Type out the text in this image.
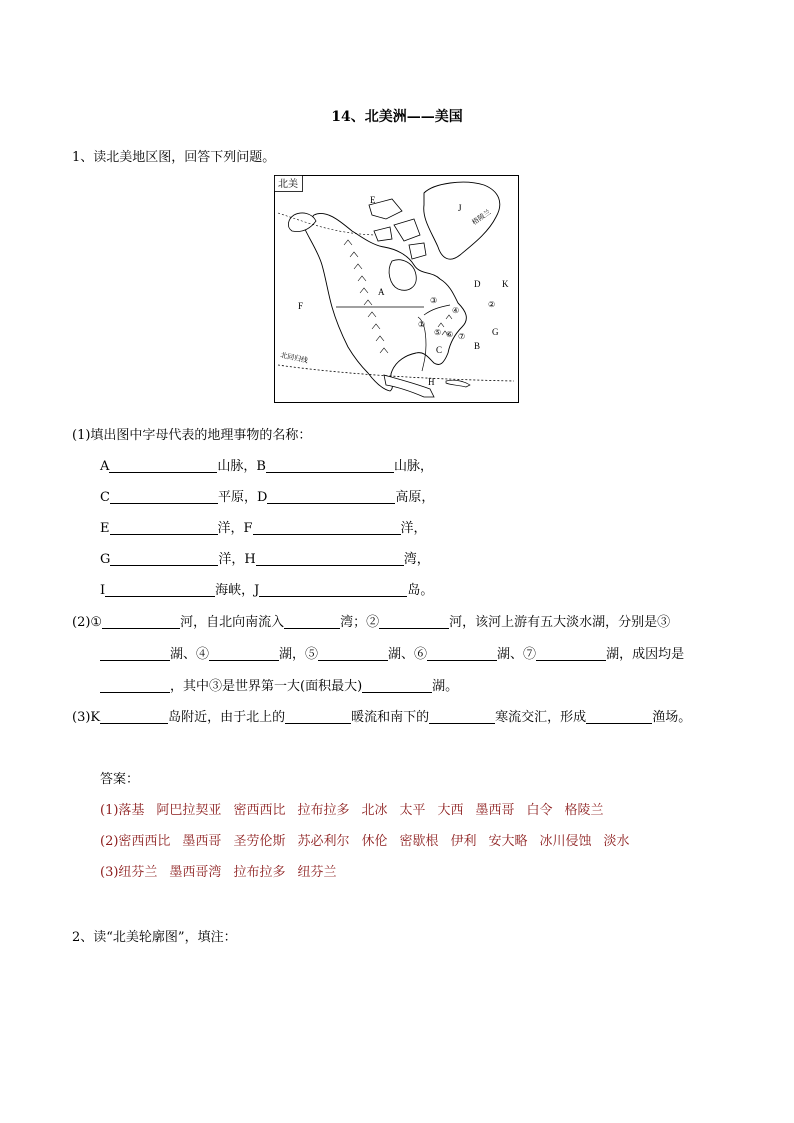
14、北美洲——美国
1、读北美地区图，回答下列问题。
北美
格陵兰
北回归线
E
J
A
D K
F
G
B
C
H
③
④
②
①
⑤ ⑥ ⑦
(1)填出图中字母代表的地理事物的名称：
A	山脉，B	山脉，
C	平原，D	高原，
E	洋，F	洋，
G	洋，H	湾，
I	海峡，J	岛。
(2)①	河，自北向南流入	湾；②	河，该河上游有五大淡水湖，分别是③
湖、④	湖，⑤	湖、⑥	湖、⑦	湖，成因均是
，其中③是世界第一大(面积最大)	湖。
(3)K	岛附近，由于北上的	暖流和南下的	寒流交汇，形成	渔场。
答案：
(1)落基 阿巴拉契亚 密西西比 拉布拉多 北冰 太平 大西 墨西哥 白令 格陵兰
(2)密西西比 墨西哥 圣劳伦斯 苏必利尔 休伦 密歇根 伊利 安大略 冰川侵蚀 淡水
(3)纽芬兰 墨西哥湾 拉布拉多 纽芬兰
2、读“北美轮廓图”，填注：
